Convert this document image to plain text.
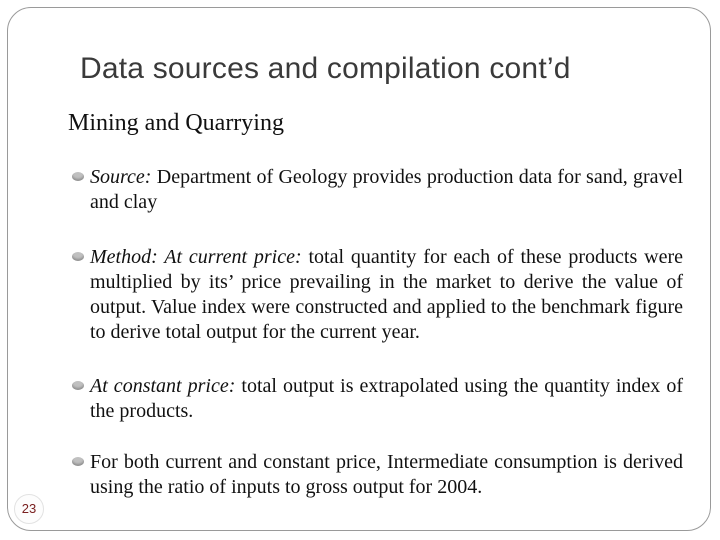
Data sources and compilation cont’d
Mining and Quarrying
Source: Department of Geology provides production data for sand, gravel and clay
Method: At current price: total quantity for each of these products were multiplied by its’ price prevailing in the market to derive the value of output. Value index were constructed and applied to the benchmark figure to derive total output for the current year.
At constant price: total output is extrapolated using the quantity index of the products.
For both current and constant price, Intermediate consumption is derived using the ratio of inputs to gross output for 2004.
23
